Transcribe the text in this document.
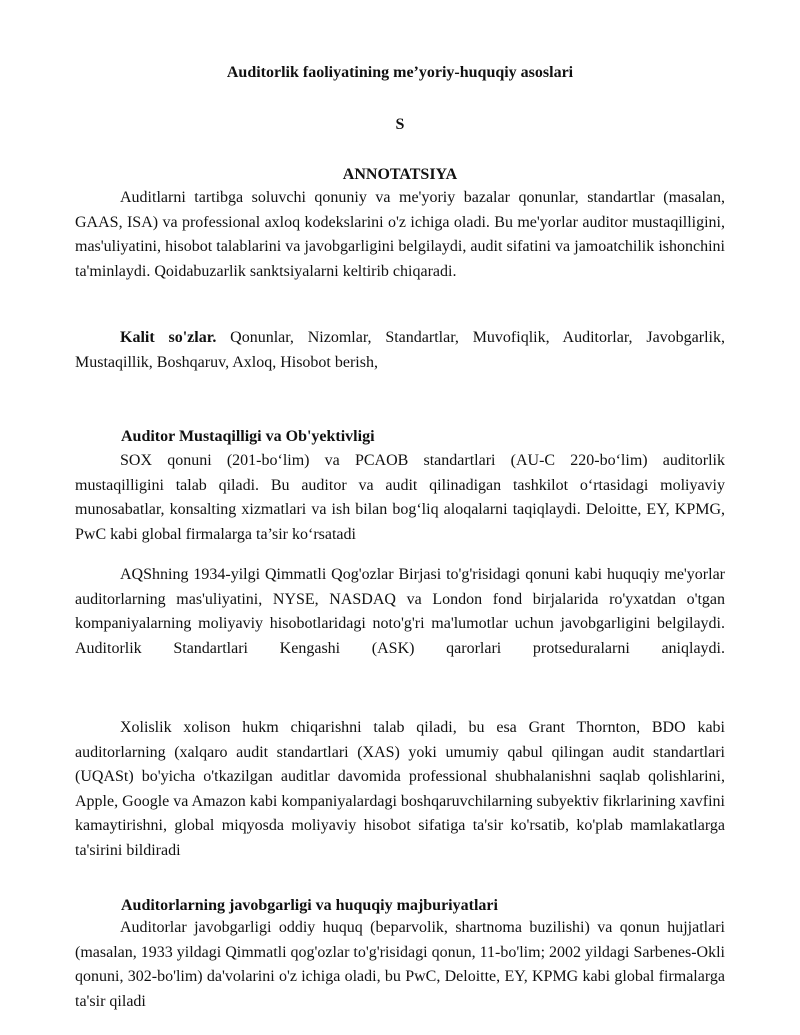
Auditorlik faoliyatining me’yoriy-huquqiy asoslari
S
ANNOTATSIYA

Auditlarni tartibga soluvchi qonuniy va me'yoriy bazalar qonunlar, standartlar (masalan, GAAS, ISA) va professional axloq kodekslarini o'z ichiga oladi. Bu me'yorlar auditor mustaqilligini, mas'uliyatini, hisobot talablarini va javobgarligini belgilaydi, audit sifatini va jamoatchilik ishonchini ta'minlaydi. Qoidabuzarlik sanktsiyalarni keltirib chiqaradi.

Kalit so'zlar. Qonunlar, Nizomlar, Standartlar, Muvofiqlik, Auditorlar, Javobgarlik, Mustaqillik, Boshqaruv, Axloq, Hisobot berish,

Auditor Mustaqilligi va Ob'yektivligi

SOX qonuni (201-bo‘lim) va PCAOB standartlari (AU-C 220-bo‘lim) auditorlik mustaqilligini talab qiladi. Bu auditor va audit qilinadigan tashkilot o‘rtasidagi moliyaviy munosabatlar, konsalting xizmatlari va ish bilan bog‘liq aloqalarni taqiqlaydi. Deloitte, EY, KPMG, PwC kabi global firmalarga ta’sir ko‘rsatadi

AQShning 1934-yilgi Qimmatli Qog'ozlar Birjasi to'g'risidagi qonuni kabi huquqiy me'yorlar auditorlarning mas'uliyatini, NYSE, NASDAQ va London fond birjalarida ro'yxatdan o'tgan kompaniyalarning moliyaviy hisobotlaridagi noto'g'ri ma'lumotlar uchun javobgarligini belgilaydi. Auditorlik Standartlari Kengashi (ASK) qarorlari protseduralarni aniqlaydi.

Xolislik xolison hukm chiqarishni talab qiladi, bu esa Grant Thornton, BDO kabi auditorlarning (xalqaro audit standartlari (XAS) yoki umumiy qabul qilingan audit standartlari (UQASt) bo'yicha o'tkazilgan auditlar davomida professional shubhalanishni saqlab qolishlarini, Apple, Google va Amazon kabi kompaniyalardagi boshqaruvchilarning subyektiv fikrlarining xavfini kamaytirishni, global miqyosda moliyaviy hisobot sifatiga ta'sir ko'rsatib, ko'plab mamlakatlarga ta'sirini bildiradi

Auditorlarning javobgarligi va huquqiy majburiyatlari

Auditorlar javobgarligi oddiy huquq (beparvolik, shartnoma buzilishi) va qonun hujjatlari (masalan, 1933 yildagi Qimmatli qog'ozlar to'g'risidagi qonun, 11-bo'lim; 2002 yildagi Sarbenes-Okli qonuni, 302-bo'lim) da'volarini o'z ichiga oladi, bu PwC, Deloitte, EY, KPMG kabi global firmalarga ta'sir qiladi
